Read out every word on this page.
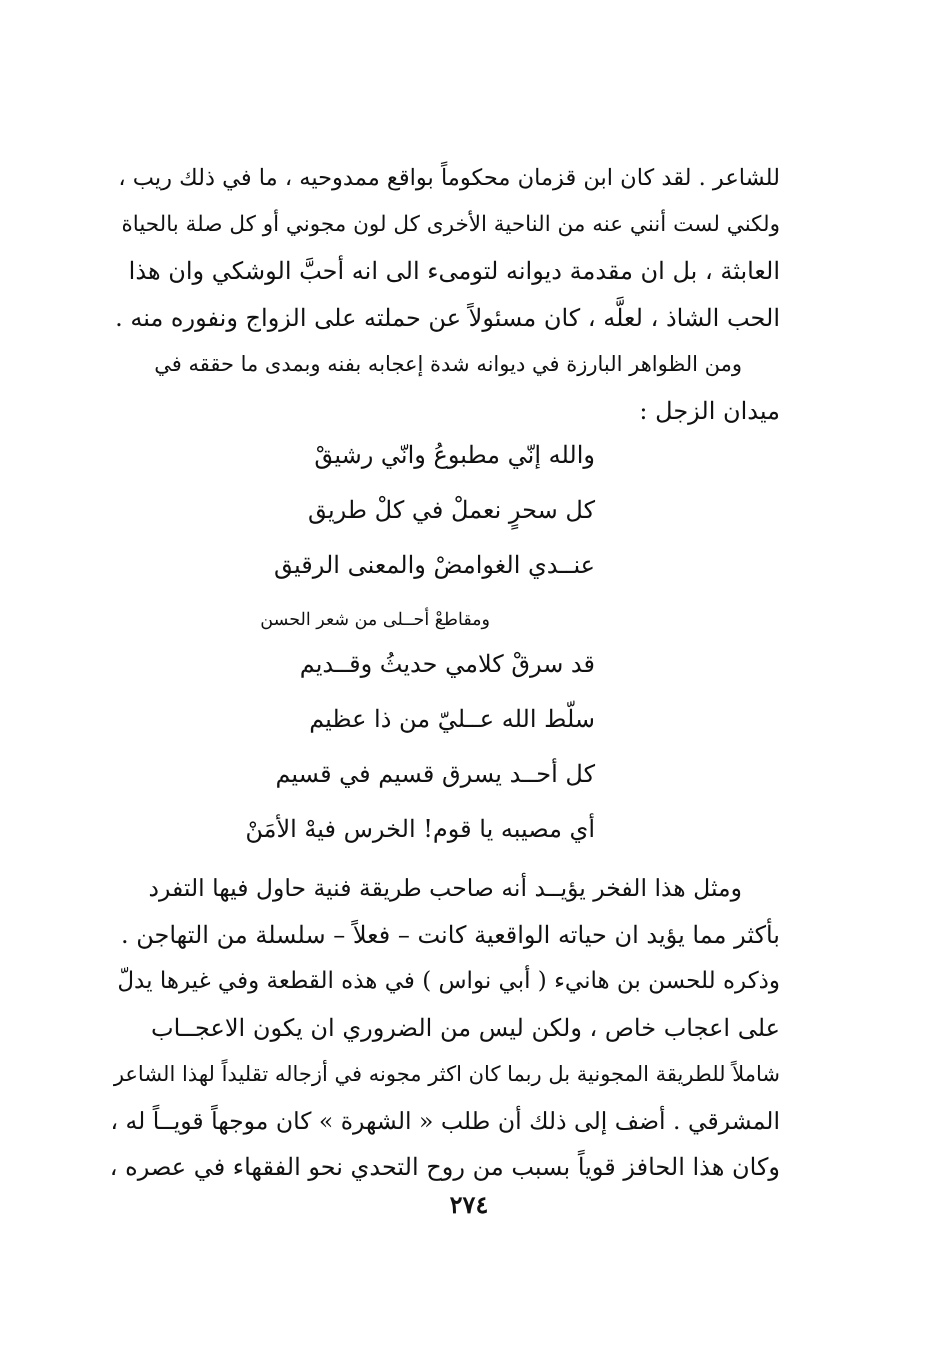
للشاعر . لقد كان ابن قزمان محكوماً بواقع ممدوحيه ، ما في ذلك ريب ،
ولكني لست أنني عنه من الناحية الأخرى كل لون مجوني أو كل صلة بالحياة
العابثة ، بل ان مقدمة ديوانه لتومىء الى انه أحبَّ الوشكي وان هذا
الحب الشاذ ، لعلَّه ، كان مسئولاً عن حملته على الزواج ونفوره منه .
ومن الظواهر البارزة في ديوانه شدة إعجابه بفنه وبمدى ما حققه في
ميدان الزجل :
والله إنّي مطبوعُ وانّي رشيقْ
كل سحرٍ نعملْ في كلْ طريق
عنــدي الغوامضْ والمعنى الرقيق
ومقاطعْ أحــلى من شعر الحسن
قد سرقْ كلامي حديثُ وقــديم
سلّط الله عــليّ من ذا عظيم
كل أحــد يسرق قسيم في قسيم
أي مصيبه يا قوم! الخرس فيهْ الأمَنْ
ومثل هذا الفخر يؤيــد أنه صاحب طريقة فنية حاول فيها التفرد
بأكثر مما يؤيد ان حياته الواقعية كانت – فعلاً – سلسلة من التهاجن .
وذكره للحسن بن هانيء ( أبي نواس ) في هذه القطعة وفي غيرها يدلّ
على اعجاب خاص ، ولكن ليس من الضروري ان يكون الاعجــاب
شاملاً للطريقة المجونية بل ربما كان اكثر مجونه في أزجاله تقليداً لهذا الشاعر
المشرقي . أضف إلى ذلك أن طلب « الشهرة » كان موجهاً قويــاً له ،
وكان هذا الحافز قوياً بسبب من روح التحدي نحو الفقهاء في عصره ،
٢٧٤
